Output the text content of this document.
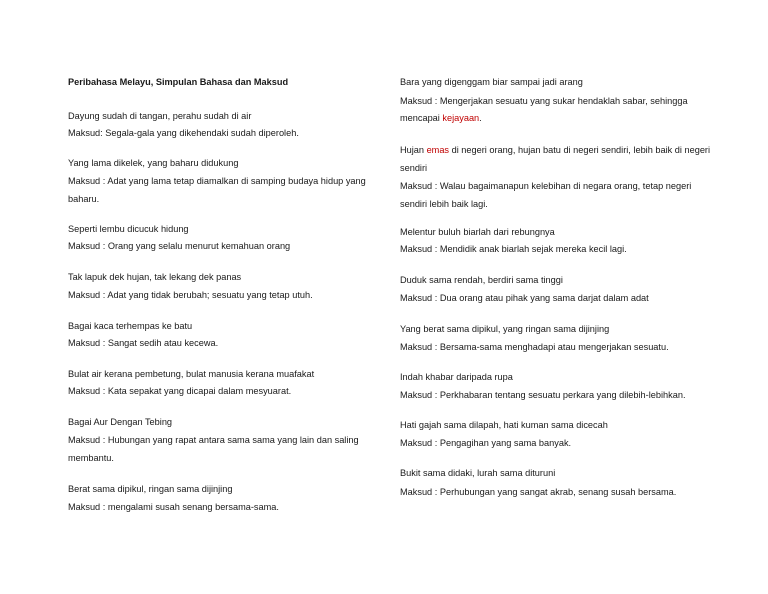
Peribahasa Melayu, Simpulan Bahasa dan Maksud
Dayung sudah di tangan, perahu sudah di air
Maksud: Segala-gala yang dikehendaki sudah diperoleh.
Yang lama dikelek, yang baharu didukung
Maksud : Adat yang lama tetap diamalkan di samping budaya hidup yang
baharu.
Seperti lembu dicucuk hidung
Maksud : Orang yang selalu menurut kemahuan orang
Tak lapuk dek hujan, tak lekang dek panas
Maksud : Adat yang tidak berubah; sesuatu yang tetap utuh.
Bagai kaca terhempas ke batu
Maksud : Sangat sedih atau kecewa.
Bulat air kerana pembetung, bulat manusia kerana muafakat
Maksud : Kata sepakat yang dicapai dalam mesyuarat.
Bagai Aur Dengan Tebing
Maksud : Hubungan yang rapat antara sama sama yang lain dan saling
membantu.
Berat sama dipikul, ringan sama dijinjing
Maksud : mengalami susah senang bersama-sama.
Bara yang digenggam biar sampai jadi arang
Maksud : Mengerjakan sesuatu yang sukar hendaklah sabar, sehingga
mencapai kejayaan.
Hujan emas di negeri orang, hujan batu di negeri sendiri, lebih baik di negeri
sendiri
Maksud : Walau bagaimanapun kelebihan di negara orang, tetap negeri
sendiri lebih baik lagi.
Melentur buluh biarlah dari rebungnya
Maksud : Mendidik anak biarlah sejak mereka kecil lagi.
Duduk sama rendah, berdiri sama tinggi
Maksud : Dua orang atau pihak yang sama darjat dalam adat
Yang berat sama dipikul, yang ringan sama dijinjing
Maksud : Bersama-sama menghadapi atau mengerjakan sesuatu.
Indah khabar daripada rupa
Maksud : Perkhabaran tentang sesuatu perkara yang dilebih-lebihkan.
Hati gajah sama dilapah, hati kuman sama dicecah
Maksud : Pengagihan yang sama banyak.
Bukit sama didaki, lurah sama dituruni
Maksud : Perhubungan yang sangat akrab, senang susah bersama.
